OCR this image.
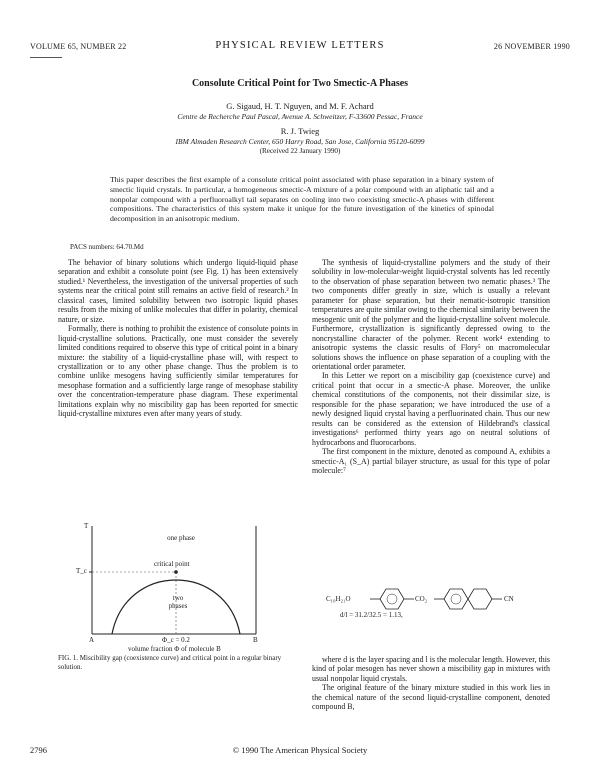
VOLUME 65, NUMBER 22	PHYSICAL REVIEW LETTERS	26 NOVEMBER 1990
Consolute Critical Point for Two Smectic-A Phases
G. Sigaud, H. T. Nguyen, and M. F. Achard
Centre de Recherche Paul Pascal, Avenue A. Schweitzer, F-33600 Pessac, France
R. J. Twieg
IBM Almaden Research Center, 650 Harry Road, San Jose, California 95120-6099
(Received 22 January 1990)
This paper describes the first example of a consolute critical point associated with phase separation in a binary system of smectic liquid crystals. In particular, a homogeneous smectic-A mixture of a polar compound with an aliphatic tail and a nonpolar compound with a perfluoroalkyl tail separates on cooling into two coexisting smectic-A phases with different compositions. The characteristics of this system make it unique for the future investigation of the kinetics of spinodal decomposition in an anisotropic medium.
PACS numbers: 64.70.Md

The behavior of binary solutions which undergo liquid-liquid phase separation and exhibit a consolute point (see Fig. 1) has been extensively studied.¹ Nevertheless, the investigation of the universal properties of such systems near the critical point still remains an active field of research.² In classical cases, limited solubility between two isotropic liquid phases results from the mixing of unlike molecules that differ in polarity, chemical nature, or size.

Formally, there is nothing to prohibit the existence of consolute points in liquid-crystalline solutions. Practically, one must consider the severely limited conditions required to observe this type of critical point in a binary mixture: the stability of a liquid-crystalline phase will, with respect to crystallization or to any other phase change. Thus the problem is to combine unlike mesogens having sufficiently similar temperatures for mesophase formation and a sufficiently large range of mesophase stability over the concentration-temperature phase diagram. These experimental limitations explain why no miscibility gap has been reported for smectic liquid-crystalline mixtures even after many years of study.

T
T_c
one phase
critical point
two phases
A	B
Φ_c = 0.2
volume fraction Φ of molecule B
FIG. 1. Miscibility gap (coexistence curve) and critical point in a regular binary solution.

The synthesis of liquid-crystalline polymers and the study of their solubility in low-molecular-weight liquid-crystal solvents has led recently to the observation of phase separation between two nematic phases.³ The two components differ greatly in size, which is usually a relevant parameter for phase separation, but their nematic-isotropic transition temperatures are quite similar owing to the chemical similarity between the mesogenic unit of the polymer and the liquid-crystalline solvent molecule. Furthermore, crystallization is significantly depressed owing to the noncrystalline character of the polymer. Recent work⁴ extending to anisotropic systems the classic results of Flory⁵ on macromolecular solutions shows the influence on phase separation of a coupling with the orientational order parameter.

In this Letter we report on a miscibility gap (coexistence curve) and critical point that occur in a smectic-A phase. Moreover, the unlike chemical constitutions of the components, not their dissimilar size, is responsible for the phase separation; we have introduced the use of a newly designed liquid crystal having a perfluorinated chain. Thus our new results can be considered as the extension of Hildebrand's classical investigations⁶ performed thirty years ago on neutral solutions of hydrocarbons and fluorocarbons.

The first component in the mixture, denoted as compound A, exhibits a smectic-A₁ (S_A) partial bilayer structure, as usual for this type of polar molecule:⁷

C₁₀H₂₁O	CO₂	CN
d/l = 31.2/32.5 = 1.13,

where d is the layer spacing and l is the molecular length. However, this kind of polar mesogen has never shown a miscibility gap in mixtures with usual nonpolar liquid crystals.

The original feature of the binary mixture studied in this work lies in the chemical nature of the second liquid-crystalline component, denoted compound B,

2796	© 1990 The American Physical Society
